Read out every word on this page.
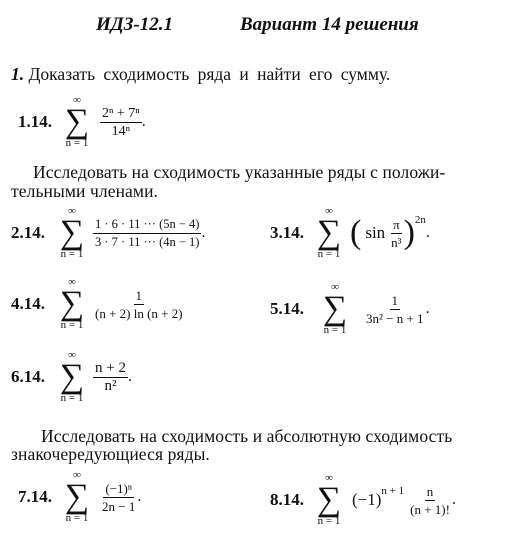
ИДЗ-12.1	Вариант 14 решения
1. Доказать сходимость ряда и найти его сумму.
1.14.
∞
∑
n = 1
$\frac{\text{2ⁿ + 7ⁿ}}{\text{14ⁿ}}$ .
Исследовать на сходимость указанные ряды с положи-
тельными членами.
2.14.
∞
∑
n = 1
$\frac{1 \cdot 6 \cdot 11 \cdot\cdot\cdot (5n - 4)}{3 \cdot 7 \cdot 11 \cdot\cdot\cdot (4n - 1)}$ .	3.14.
∞
∑
n = 1
( $\sin \frac{\pi}{\text{n³}}$ ) 2n
.
4.14.
∞
∑
n = 1
$\frac{1}{(n + 2) \ln (n + 2)}$	5.14.
∞
∑
n = 1
$\frac{1}{\text{3n² − n + 1}}$ .
6.14.
∞
∑
n = 1
$\frac{n + 2}{\text{n²}}$ .
Исследовать на сходимость и абсолютную сходимость
знакочередующиеся ряды.
7.14.
∞
∑
n = 1
$\frac{\text{(−1)ⁿ}}{2n - 1}$ .	8.14.
∞
∑
n = 1
(−1) $n + 1 \frac{n}{(n + 1)!}$ .
